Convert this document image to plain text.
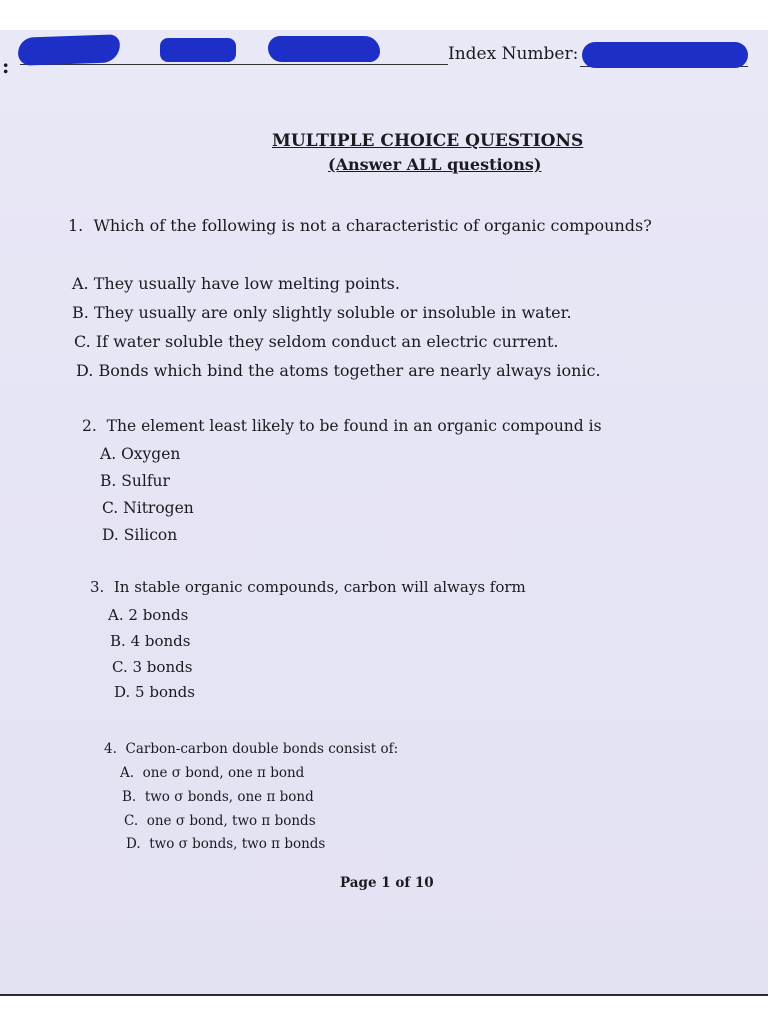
:	Index Number:
MULTIPLE CHOICE QUESTIONS
(Answer ALL questions)
1. Which of the following is not a characteristic of organic compounds?
A. They usually have low melting points.
B. They usually are only slightly soluble or insoluble in water.
C. If water soluble they seldom conduct an electric current.
D. Bonds which bind the atoms together are nearly always ionic.
2. The element least likely to be found in an organic compound is
A. Oxygen
B. Sulfur
C. Nitrogen
D. Silicon
3. In stable organic compounds, carbon will always form
A. 2 bonds
B. 4 bonds
C. 3 bonds
D. 5 bonds
4. Carbon-carbon double bonds consist of:
A. one σ bond, one π bond
B. two σ bonds, one π bond
C. one σ bond, two π bonds
D. two σ bonds, two π bonds
Page 1 of 10
